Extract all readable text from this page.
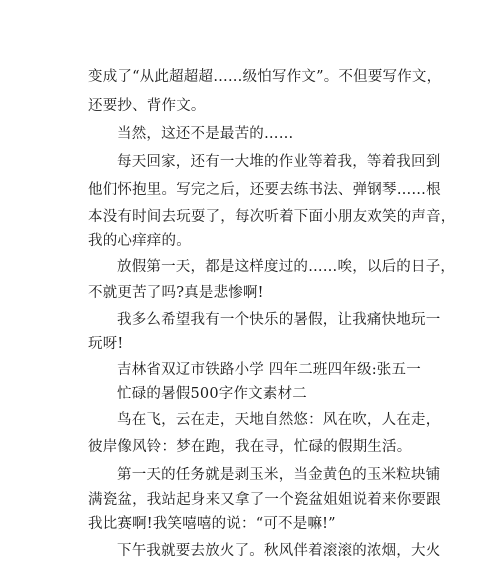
变成了“从此超超超……级怕写作文”。不但要写作文，
还要抄、背作文。
当然，这还不是最苦的……
每天回家，还有一大堆的作业等着我，等着我回到
他们怀抱里。写完之后，还要去练书法、弹钢琴……根
本没有时间去玩耍了，每次听着下面小朋友欢笑的声音，
我的心痒痒的。
放假第一天，都是这样度过的……唉，以后的日子，
不就更苦了吗?真是悲惨啊!
我多么希望我有一个快乐的暑假，让我痛快地玩一
玩呀!
吉林省双辽市铁路小学 四年二班四年级:张五一
忙碌的暑假500字作文素材二
鸟在飞，云在走，天地自然悠：风在吹，人在走，
彼岸像风铃：梦在跑，我在寻，忙碌的假期生活。
第一天的任务就是剥玉米，当金黄色的玉米粒块铺
满瓷盆，我站起身来又拿了一个瓷盆姐姐说着来你要跟
我比赛啊!我笑嘻嘻的说：“可不是嘛!”
下午我就要去放火了。秋风伴着滚滚的浓烟，大火
